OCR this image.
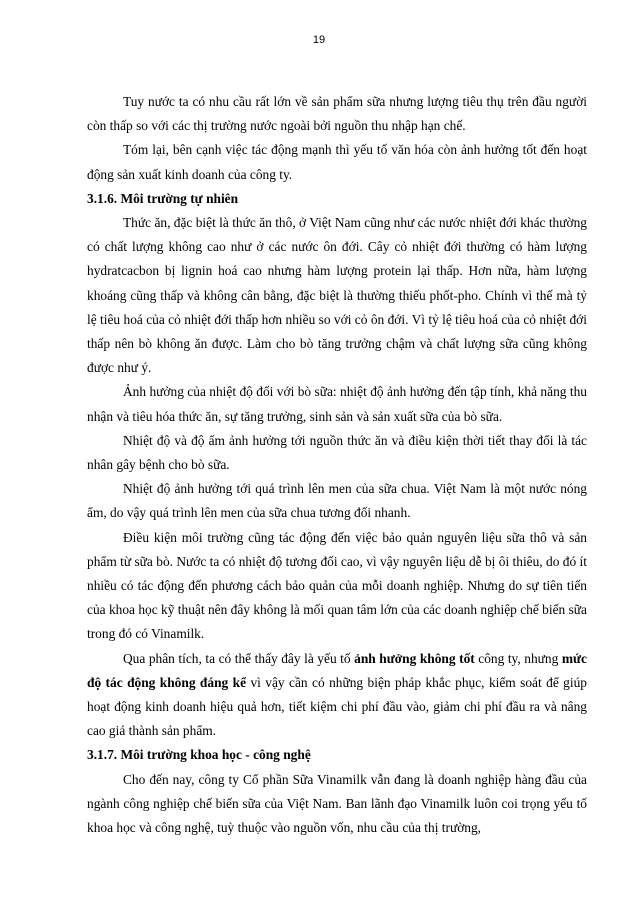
19

Tuy nước ta có nhu cầu rất lớn về sản phẩm sữa nhưng lượng tiêu thụ trên đầu người còn thấp so với các thị trường nước ngoài bởi nguồn thu nhập hạn chế.

Tóm lại, bên cạnh việc tác động mạnh thì yếu tố văn hóa còn ảnh hưởng tốt đến hoạt động sản xuất kinh doanh của công ty.

3.1.6. Môi trường tự nhiên

Thức ăn, đặc biệt là thức ăn thô, ở Việt Nam cũng như các nước nhiệt đới khác thường có chất lượng không cao như ở các nước ôn đới. Cây cỏ nhiệt đới thường có hàm lượng hydratcacbon bị lignin hoá cao nhưng hàm lượng protein lại thấp. Hơn nữa, hàm lượng khoáng cũng thấp và không cân bằng, đặc biệt là thường thiếu phốt-pho. Chính vì thế mà tỷ lệ tiêu hoá của cỏ nhiệt đới thấp hơn nhiều so với cỏ ôn đới. Vì tỷ lệ tiêu hoá của cỏ nhiệt đới thấp nên bò không ăn được. Làm cho bò tăng trưởng chậm và chất lượng sữa cũng không được như ý.

Ảnh hưởng của nhiệt độ đối với bò sữa: nhiệt độ ảnh hưởng đến tập tính, khả năng thu nhận và tiêu hóa thức ăn, sự tăng trưởng, sinh sản và sản xuất sữa của bò sữa.

Nhiệt độ và độ ẩm ảnh hưởng tới nguồn thức ăn và điều kiện thời tiết thay đổi là tác nhân gây bệnh cho bò sữa.

Nhiệt độ ảnh hưởng tới quá trình lên men của sữa chua. Việt Nam là một nước nóng ẩm, do vậy quá trình lên men của sữa chua tương đối nhanh.

Điều kiện môi trường cũng tác động đến việc bảo quản nguyên liệu sữa thô và sản phẩm từ sữa bò. Nước ta có nhiệt độ tương đối cao, vì vậy nguyên liệu dễ bị ôi thiêu, do đó ít nhiều có tác động đến phương cách bảo quản của mỗi doanh nghiệp. Nhưng do sự tiên tiến của khoa học kỹ thuật nên đây không là mối quan tâm lớn của các doanh nghiệp chế biến sữa trong đó có Vinamilk.

Qua phân tích, ta có thể thấy đây là yếu tố ảnh hưởng không tốt công ty, nhưng mức độ tác động không đáng kể vì vậy cần có những biện pháp khắc phục, kiểm soát để giúp hoạt động kinh doanh hiệu quả hơn, tiết kiệm chi phí đầu vào, giảm chi phí đầu ra và nâng cao giá thành sản phẩm.

3.1.7. Môi trường khoa học - công nghệ

Cho đến nay, công ty Cổ phần Sữa Vinamilk vẫn đang là doanh nghiệp hàng đầu của ngành công nghiệp chế biến sữa của Việt Nam. Ban lãnh đạo Vinamilk luôn coi trọng yếu tố khoa học và công nghệ, tuỳ thuộc vào nguồn vốn, nhu cầu của thị trường,
